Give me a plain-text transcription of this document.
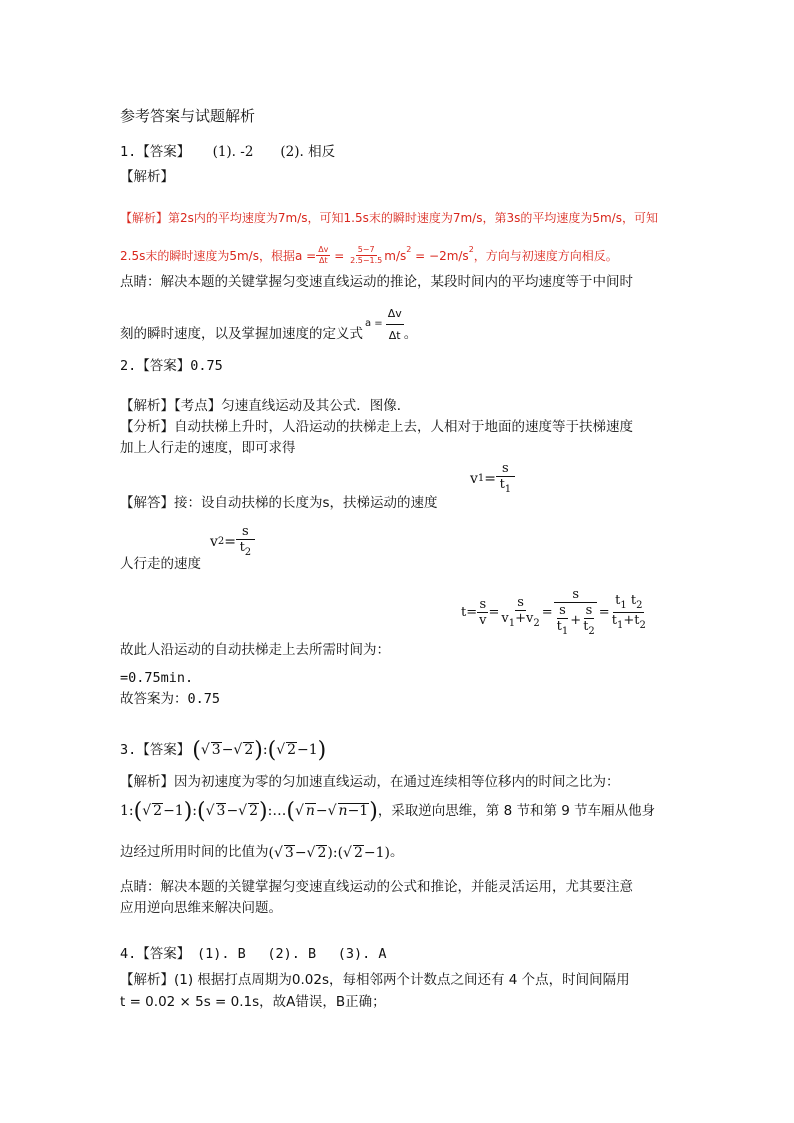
参考答案与试题解析
1.【答案】 (1). -2　　(2). 相反
【解析】
【解析】第2s内的平均速度为7m/s，可知1.5s末的瞬时速度为7m/s，第3s的平均速度为5m/s，可知
2.5s末的瞬时速度为5m/s，根据$a = \frac{\Delta v}{\Delta t} = \frac{5-7}{2.5-1.5} m/s$ 2 = −2m/s 2 ，方向与初速度方向相反。
点睛：解决本题的关键掌握匀变速直线运动的推论，某段时间内的平均速度等于中间时
刻的瞬时速度，以及掌握加速度的定义式
$a = \frac{\Delta v}{\Delta t}$ 。
2.【答案】0.75
【解析】【考点】匀速直线运动及其公式．图像．
【分析】自动扶梯上升时，人沿运动的扶梯走上去，人相对于地面的速度等于扶梯速度
加上人行走的速度，即可求得
v $1 = \frac{s}{t_1}$
【解答】接：设自动扶梯的长度为s，扶梯运动的速度
v $2 = \frac{s}{t_2}$
人行走的速度
$t= \frac{s}{v} = \frac{s}{v_1+v_2} = \frac{s}{\frac{s}{t_1} + \frac{s}{t_2}} = \frac{t_1 t_2}{t_1+t_2}$
故此人沿运动的自动扶梯走上去所需时间为：
=0.75min.
故答案为：0.75
3.【答案】 (√ 3−√ 2):(√ 2−1)
【解析】因为初速度为零的匀加速直线运动，在通过连续相等位移内的时间之比为：
1:(√ 2−1):(√ 3−√ 2):…(√ n−√ n−1) ，采取逆向思维，第 8 节和第 9 节车厢从他身
边经过所用时间的比值为 (√ 3−√ 2):(√ 2−1) 。
点睛：解决本题的关键掌握匀变速直线运动的公式和推论，并能灵活运用，尤其要注意
应用逆向思维来解决问题。
4.【答案】　(1). B　 (2). B　 (3). A
【解析】(1) 根据打点周期为0.02s，每相邻两个计数点之间还有 4 个点，时间间隔用
t = 0.02 × 5s = 0.1s，故A错误，B正确；
